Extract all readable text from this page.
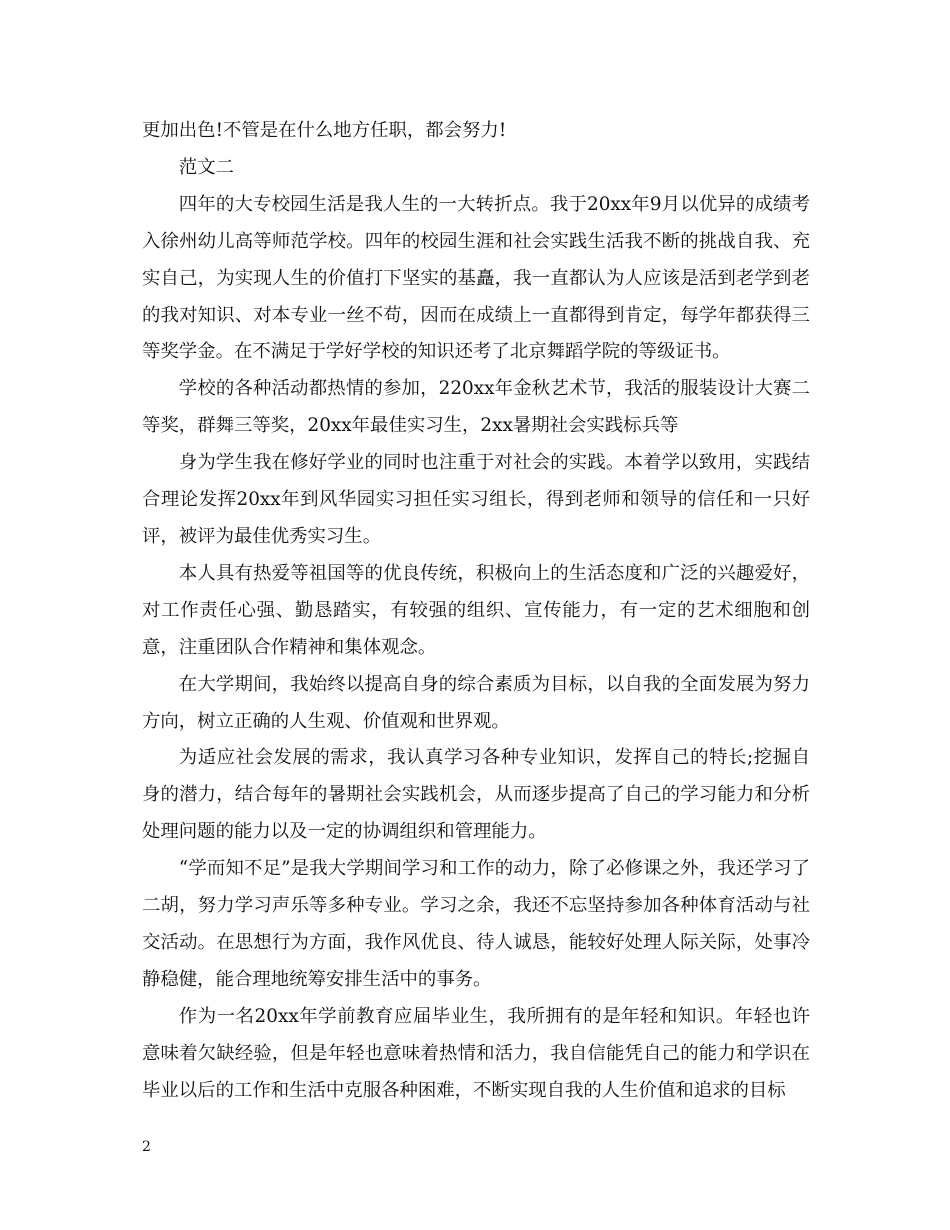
更加出色!不管是在什么地方任职，都会努力!

范文二

四年的大专校园生活是我人生的一大转折点。我于20xx年9月以优异的成绩考入徐州幼儿高等师范学校。四年的校园生涯和社会实践生活我不断的挑战自我、充实自己，为实现人生的价值打下坚实的基矗，我一直都认为人应该是活到老学到老的我对知识、对本专业一丝不苟，因而在成绩上一直都得到肯定，每学年都获得三等奖学金。在不满足于学好学校的知识还考了北京舞蹈学院的等级证书。

学校的各种活动都热情的参加，220xx年金秋艺术节，我活的服装设计大赛二等奖，群舞三等奖，20xx年最佳实习生，2xx暑期社会实践标兵等

身为学生我在修好学业的同时也注重于对社会的实践。本着学以致用，实践结合理论发挥20xx年到风华园实习担任实习组长，得到老师和领导的信任和一只好评，被评为最佳优秀实习生。

本人具有热爱等祖国等的优良传统，积极向上的生活态度和广泛的兴趣爱好，对工作责任心强、勤恳踏实，有较强的组织、宣传能力，有一定的艺术细胞和创意，注重团队合作精神和集体观念。

在大学期间，我始终以提高自身的综合素质为目标，以自我的全面发展为努力方向，树立正确的人生观、价值观和世界观。

为适应社会发展的需求，我认真学习各种专业知识，发挥自己的特长;挖掘自身的潜力，结合每年的暑期社会实践机会，从而逐步提高了自己的学习能力和分析处理问题的能力以及一定的协调组织和管理能力。

“学而知不足”是我大学期间学习和工作的动力，除了必修课之外，我还学习了二胡，努力学习声乐等多种专业。学习之余，我还不忘坚持参加各种体育活动与社交活动。在思想行为方面，我作风优良、待人诚恳，能较好处理人际关际，处事冷静稳健，能合理地统筹安排生活中的事务。

作为一名20xx年学前教育应届毕业生，我所拥有的是年轻和知识。年轻也许意味着欠缺经验，但是年轻也意味着热情和活力，我自信能凭自己的能力和学识在毕业以后的工作和生活中克服各种困难，不断实现自我的人生价值和追求的目标

2
